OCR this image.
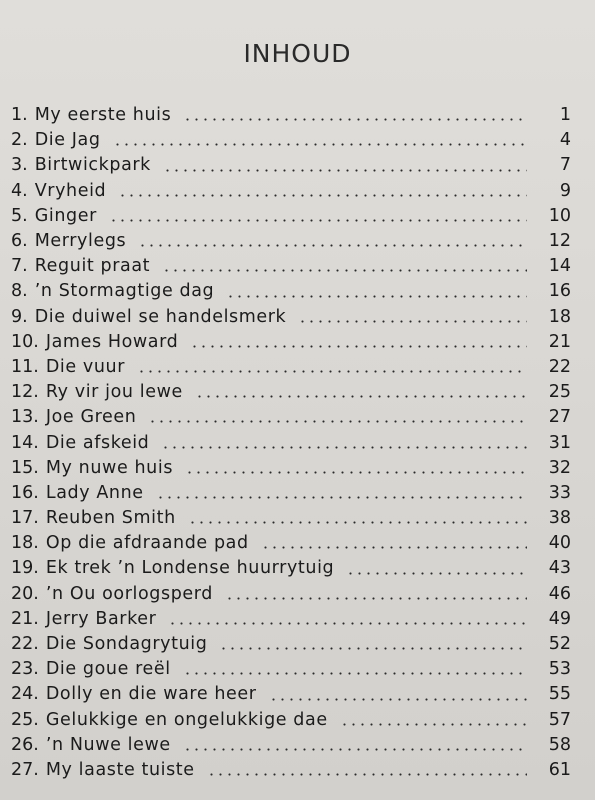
INHOUD
1. My eerste huis	1
2. Die Jag	4
3. Birtwickpark	7
4. Vryheid	9
5. Ginger	10
6. Merrylegs	12
7. Reguit praat	14
8. ’n Stormagtige dag	16
9. Die duiwel se handelsmerk	18
10. James Howard	21
11. Die vuur	22
12. Ry vir jou lewe	25
13. Joe Green	27
14. Die afskeid	31
15. My nuwe huis	32
16. Lady Anne	33
17. Reuben Smith	38
18. Op die afdraande pad	40
19. Ek trek ’n Londense huurrytuig	43
20. ’n Ou oorlogsperd	46
21. Jerry Barker	49
22. Die Sondagrytuig	52
23. Die goue reël	53
24. Dolly en die ware heer	55
25. Gelukkige en ongelukkige dae	57
26. ’n Nuwe lewe	58
27. My laaste tuiste	61
